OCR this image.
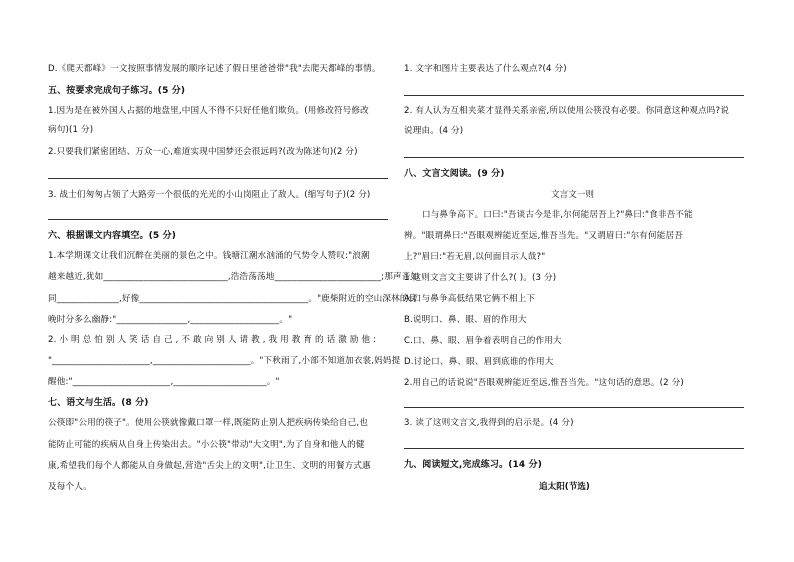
D.《爬天都峰》一文按照事情发展的顺序记述了假日里爸爸带"我"去爬天都峰的事情。
五、按要求完成句子练习。(5 分)
1.因为是在被外国人占据的地盘里,中国人不得不只好任他们欺负。(用修改符号修改
病句)(1 分)
2.只要我们紧密团结、万众一心,难道实现中国梦还会很远吗?(改为陈述句)(2 分)
3. 战士们匆匆占领了大路旁一个很低的光光的小山岗阻止了敌人。(缩写句子)(2 分)
六、根据课文内容填空。(5 分)
1.本学期课文让我们沉醉在美丽的景色之中。钱塘江潮水汹涌的气势令人赞叹:"浪潮
越来越近,犹如____________________________,浩浩荡荡地________________________;那声音如
同______________,好像______________________________________。"鹿柴附近的空山深林的傍
晚时分多么幽静:"________________,____________________。"
2. 小 明 总 怕 别 人 笑 话 自 己 , 不 敢 向 别 人 请 教 , 我 用 教 育 的 话 激 励 他 :
"______________________,______________________。"下秋雨了,小部不知道加衣裳,妈妈提
醒他:"______________________,_____________________。"
七、语文与生活。(8 分)
公筷即"公用的筷子"。使用公筷就像戴口罩一样,既能防止别人把疾病传染给自己,也
能防止可能的疾病从自身上传染出去。"小公筷"带动"大文明",为了自身和他人的健
康,希望我们每个人都能从自身做起,营造"舌尖上的文明",让卫生、文明的用餐方式惠
及每个人。
1. 文字和图片主要表达了什么观点?(4 分)
2. 有人认为互相夹菜才显得关系亲密,所以使用公筷没有必要。你同意这种观点吗?说
说理由。(4 分)
八、文言文阅读。(9 分)
文言文一则
口与鼻争高下。口曰:"吾谈古今是非,尔何能居吾上?"鼻曰:"食非吾不能
辨。"眼谓鼻曰:"吾眼观辨能近至远,惟吾当先。"又谓眉曰:"尔有何能居吾
上?"眉曰:"若无眉,以何面目示人哉?"
1.这则文言文主要讲了什么?( )。(3 分)
A.口与鼻争高低结果它俩不相上下
B.说明口、鼻、眼、眉的作用大
C.口、鼻、眼、眉争着表明自己的作用大
D.讨论口、鼻、眼、眉到底谁的作用大
2.用自己的话说说"吾眼观辨能近至远,惟吾当先。"这句话的意思。(2 分)
3. 读了这则文言文,我得到的启示是。(4 分)
九、阅读短文,完成练习。(14 分)
追太阳(节选)
